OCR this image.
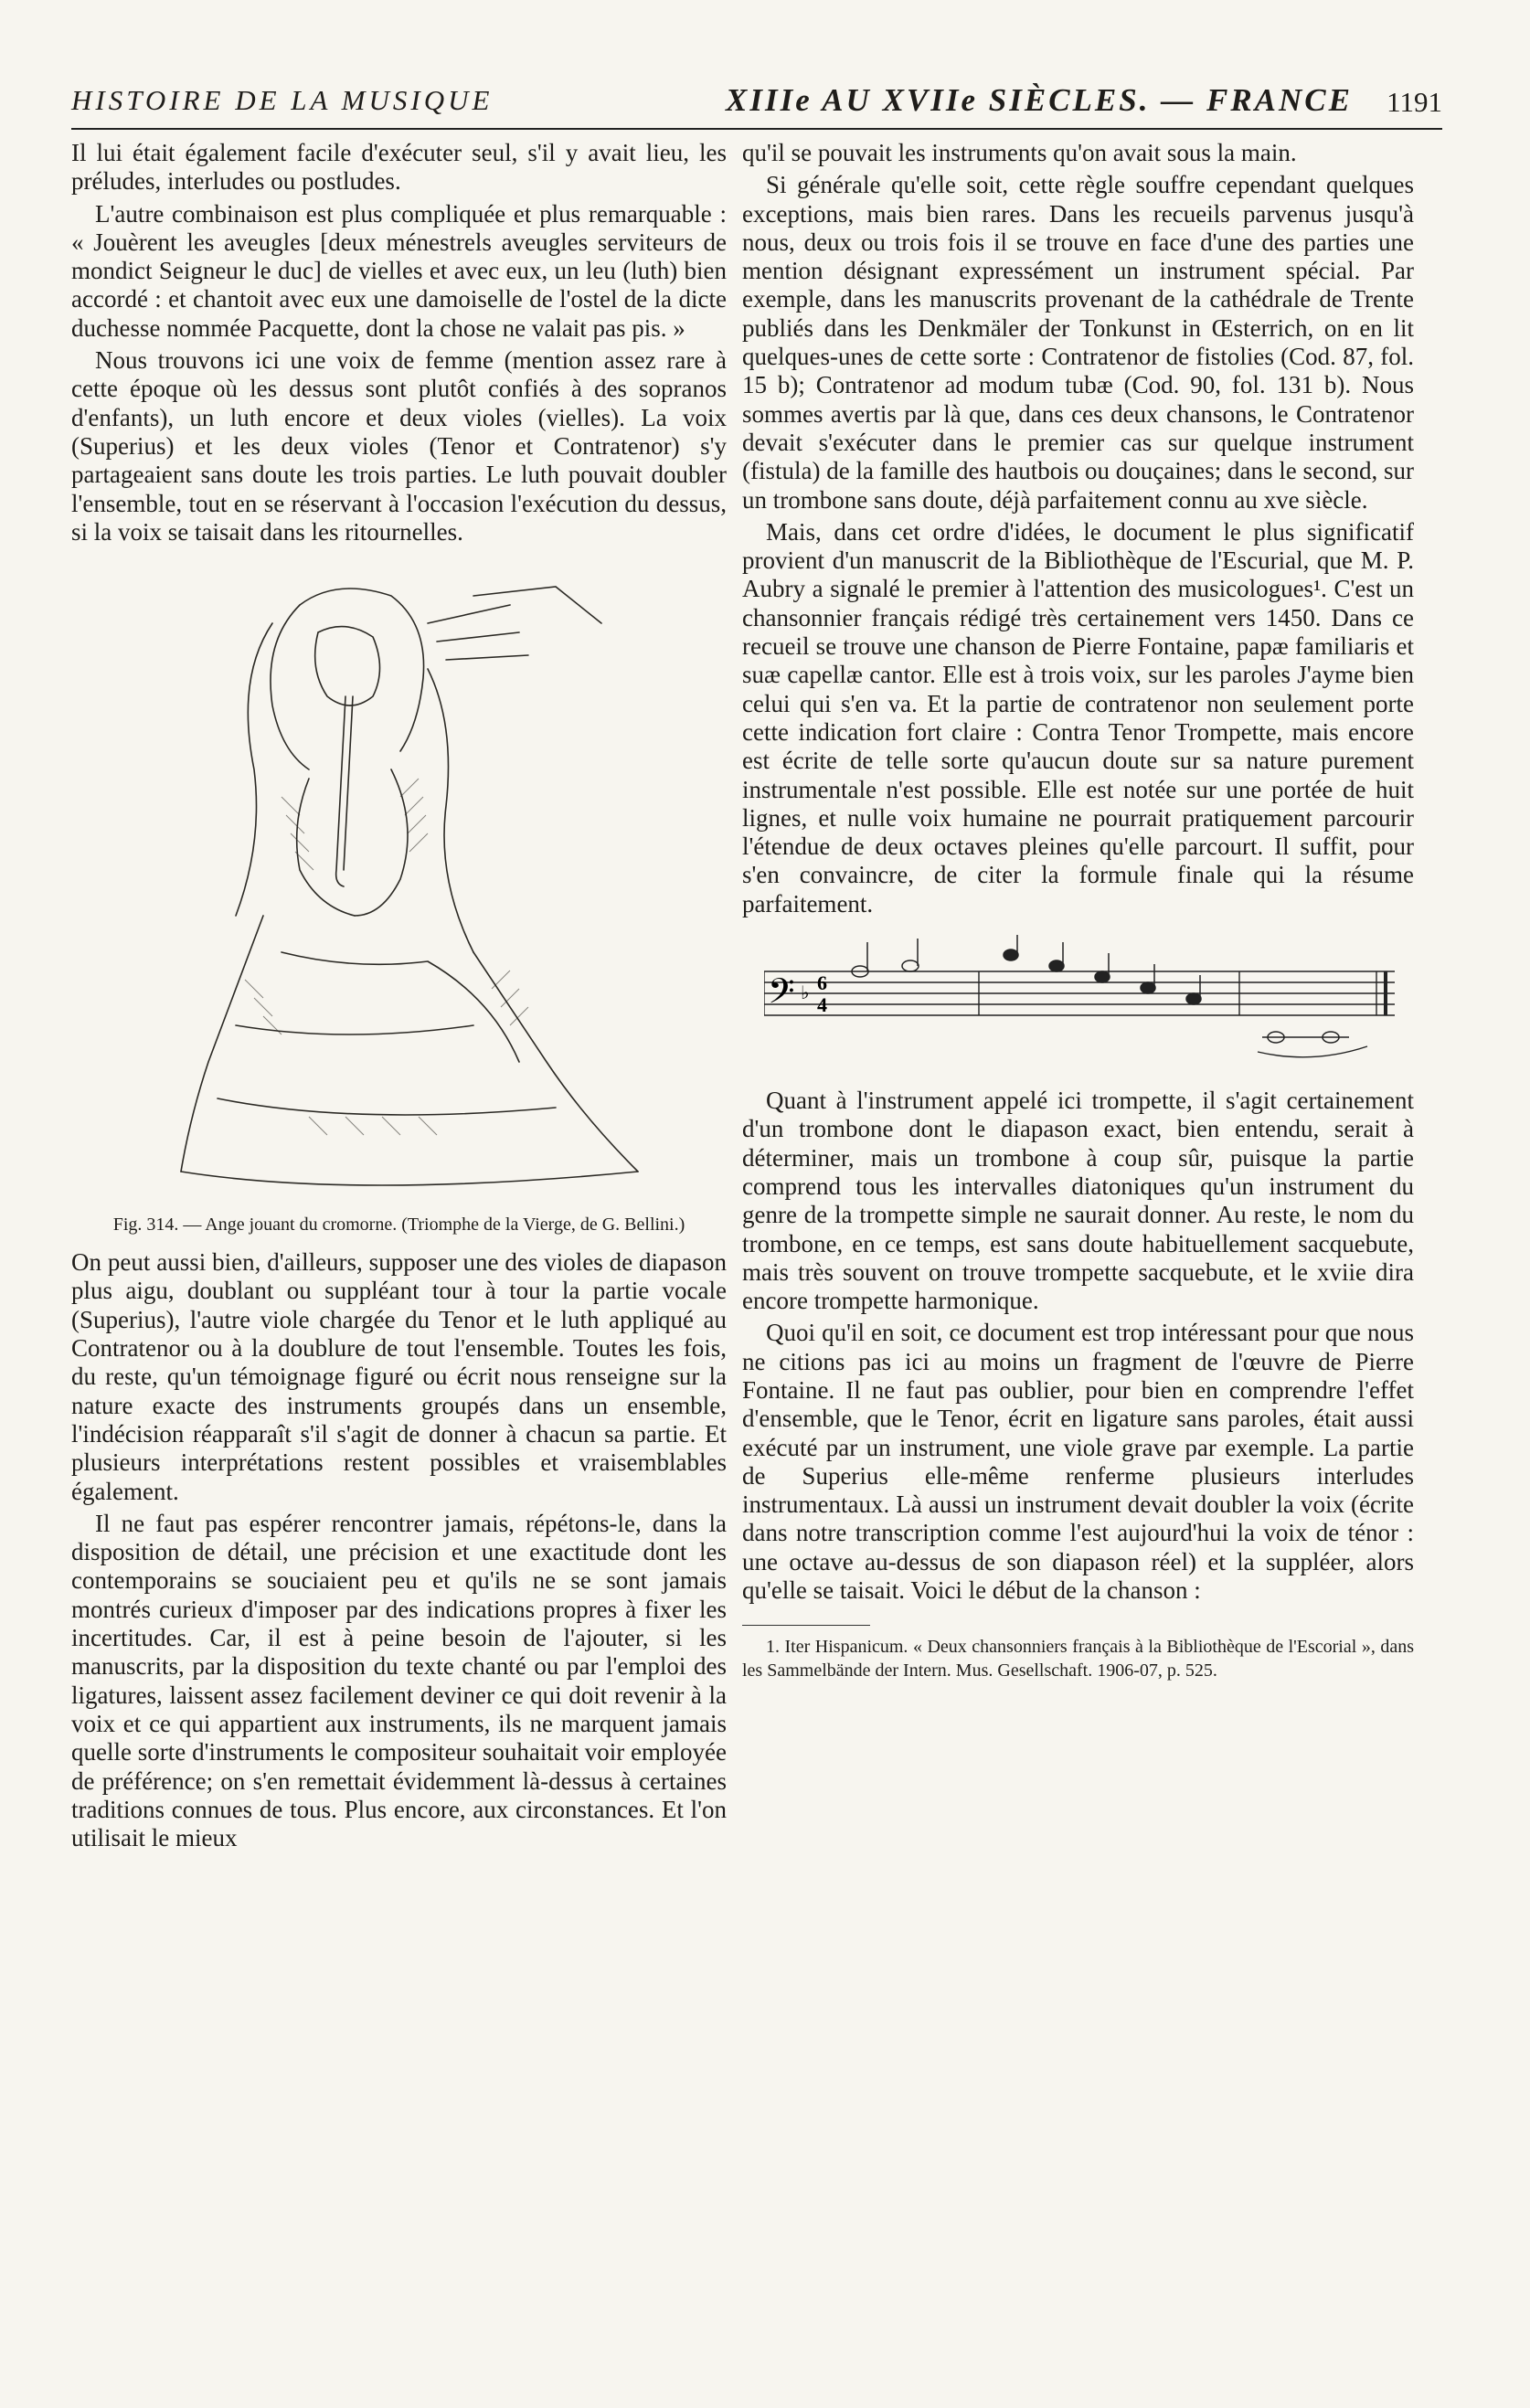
HISTOIRE DE LA MUSIQUE	XIIIe AU XVIIe SIÈCLES. — FRANCE 1191

Il lui était également facile d'exécuter seul, s'il y avait lieu, les préludes, interludes ou postludes.

L'autre combinaison est plus compliquée et plus remarquable : « Jouèrent les aveugles [deux ménestrels aveugles serviteurs de mondict Seigneur le duc] de vielles et avec eux, un leu (luth) bien accordé : et chantoit avec eux une damoiselle de l'ostel de la dicte duchesse nommée Pacquette, dont la chose ne valait pas pis. »

Nous trouvons ici une voix de femme (mention assez rare à cette époque où les dessus sont plutôt confiés à des sopranos d'enfants), un luth encore et deux violes (vielles). La voix (Superius) et les deux violes (Tenor et Contratenor) s'y partageaient sans doute les trois parties. Le luth pouvait doubler l'ensemble, tout en se réservant à l'occasion l'exécution du dessus, si la voix se taisait dans les ritournelles.

Fig. 314. — Ange jouant du cromorne. (Triomphe de la Vierge, de G. Bellini.)

On peut aussi bien, d'ailleurs, supposer une des violes de diapason plus aigu, doublant ou suppléant tour à tour la partie vocale (Superius), l'autre viole chargée du Tenor et le luth appliqué au Contratenor ou à la doublure de tout l'ensemble. Toutes les fois, du reste, qu'un témoignage figuré ou écrit nous renseigne sur la nature exacte des instruments groupés dans un ensemble, l'indécision réapparaît s'il s'agit de donner à chacun sa partie. Et plusieurs interprétations restent possibles et vraisemblables également.

Il ne faut pas espérer rencontrer jamais, répétons-le, dans la disposition de détail, une précision et une exactitude dont les contemporains se souciaient peu et qu'ils ne se sont jamais montrés curieux d'imposer par des indications propres à fixer les incertitudes. Car, il est à peine besoin de l'ajouter, si les manuscrits, par la disposition du texte chanté ou par l'emploi des ligatures, laissent assez facilement deviner ce qui doit revenir à la voix et ce qui appartient aux instruments, ils ne marquent jamais quelle sorte d'instruments le compositeur souhaitait voir employée de préférence; on s'en remettait évidemment là-dessus à certaines traditions connues de tous. Plus encore, aux circonstances. Et l'on utilisait le mieux

qu'il se pouvait les instruments qu'on avait sous la main.

Si générale qu'elle soit, cette règle souffre cependant quelques exceptions, mais bien rares. Dans les recueils parvenus jusqu'à nous, deux ou trois fois il se trouve en face d'une des parties une mention désignant expressément un instrument spécial. Par exemple, dans les manuscrits provenant de la cathédrale de Trente publiés dans les Denkmäler der Tonkunst in Œsterrich, on en lit quelques-unes de cette sorte : Contratenor de fistolies (Cod. 87, fol. 15 b); Contratenor ad modum tubæ (Cod. 90, fol. 131 b). Nous sommes avertis par là que, dans ces deux chansons, le Contratenor devait s'exécuter dans le premier cas sur quelque instrument (fistula) de la famille des hautbois ou douçaines; dans le second, sur un trombone sans doute, déjà parfaitement connu au xve siècle.

Mais, dans cet ordre d'idées, le document le plus significatif provient d'un manuscrit de la Bibliothèque de l'Escurial, que M. P. Aubry a signalé le premier à l'attention des musicologues¹. C'est un chansonnier français rédigé très certainement vers 1450. Dans ce recueil se trouve une chanson de Pierre Fontaine, papæ familiaris et suæ capellæ cantor. Elle est à trois voix, sur les paroles J'ayme bien celui qui s'en va. Et la partie de contratenor non seulement porte cette indication fort claire : Contra Tenor Trompette, mais encore est écrite de telle sorte qu'aucun doute sur sa nature purement instrumentale n'est possible. Elle est notée sur une portée de huit lignes, et nulle voix humaine ne pourrait pratiquement parcourir l'étendue de deux octaves pleines qu'elle parcourt. Il suffit, pour s'en convaincre, de citer la formule finale qui la résume parfaitement.

𝄢 ♭ 6
4

Quant à l'instrument appelé ici trompette, il s'agit certainement d'un trombone dont le diapason exact, bien entendu, serait à déterminer, mais un trombone à coup sûr, puisque la partie comprend tous les intervalles diatoniques qu'un instrument du genre de la trompette simple ne saurait donner. Au reste, le nom du trombone, en ce temps, est sans doute habituellement sacquebute, mais très souvent on trouve trompette sacquebute, et le xviie dira encore trompette harmonique.

Quoi qu'il en soit, ce document est trop intéressant pour que nous ne citions pas ici au moins un fragment de l'œuvre de Pierre Fontaine. Il ne faut pas oublier, pour bien en comprendre l'effet d'ensemble, que le Tenor, écrit en ligature sans paroles, était aussi exécuté par un instrument, une viole grave par exemple. La partie de Superius elle-même renferme plusieurs interludes instrumentaux. Là aussi un instrument devait doubler la voix (écrite dans notre transcription comme l'est aujourd'hui la voix de ténor : une octave au-dessus de son diapason réel) et la suppléer, alors qu'elle se taisait. Voici le début de la chanson :

1. Iter Hispanicum. « Deux chansonniers français à la Bibliothèque de l'Escorial », dans les Sammelbände der Intern. Mus. Gesellschaft. 1906-07, p. 525.
